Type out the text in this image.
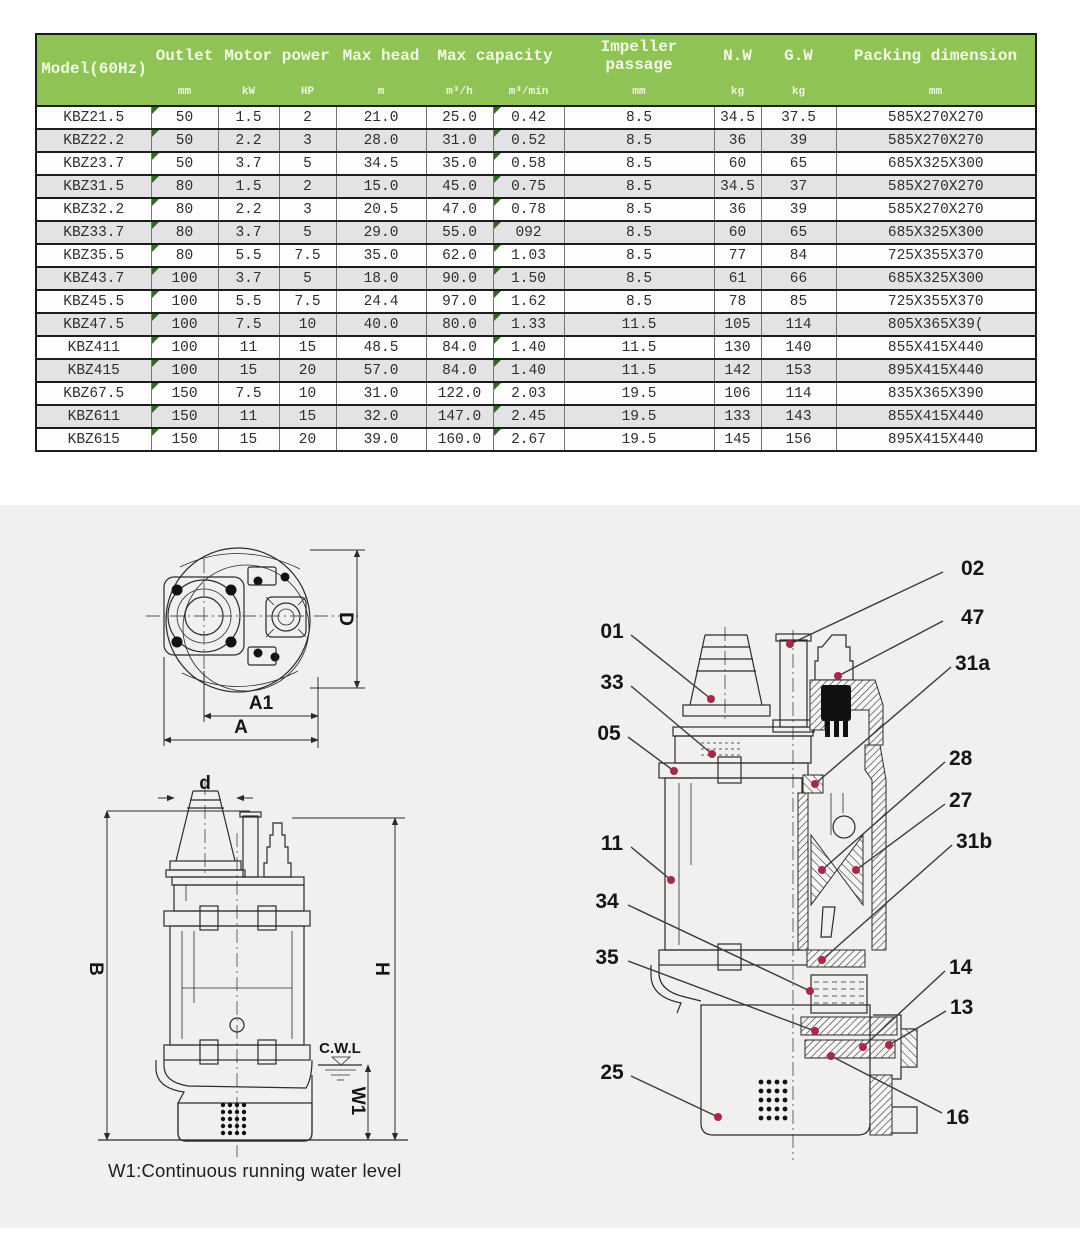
Model(60Hz)	Outlet	Motor power		Max head	Max capacity		Impeller passage	N.W	G.W	Packing dimension
	mm	kW	HP	m	m³/h	m³/min	mm	kg	kg	mm
KBZ21.5	50	1.5	2	21.0	25.0	0.42	8.5	34.5	37.5	585X270X270
KBZ22.2	50	2.2	3	28.0	31.0	0.52	8.5	36	39	585X270X270
KBZ23.7	50	3.7	5	34.5	35.0	0.58	8.5	60	65	685X325X300
KBZ31.5	80	1.5	2	15.0	45.0	0.75	8.5	34.5	37	585X270X270
KBZ32.2	80	2.2	3	20.5	47.0	0.78	8.5	36	39	585X270X270
KBZ33.7	80	3.7	5	29.0	55.0	092	8.5	60	65	685X325X300
KBZ35.5	80	5.5	7.5	35.0	62.0	1.03	8.5	77	84	725X355X370
KBZ43.7	100	3.7	5	18.0	90.0	1.50	8.5	61	66	685X325X300
KBZ45.5	100	5.5	7.5	24.4	97.0	1.62	8.5	78	85	725X355X370
KBZ47.5	100	7.5	10	40.0	80.0	1.33	11.5	105	114	805X365X39(
KBZ411	100	11	15	48.5	84.0	1.40	11.5	130	140	855X415X440
KBZ415	100	15	20	57.0	84.0	1.40	11.5	142	153	895X415X440
KBZ67.5	150	7.5	10	31.0	122.0	2.03	19.5	106	114	835X365X390
KBZ611	150	11	15	32.0	147.0	2.45	19.5	133	143	855X415X440
KBZ615	150	15	20	39.0	160.0	2.67	19.5	145	156	895X415X440
D
A1
A
d
B	H
C.W.L
W1
01
33
05
11
34
35
25
02
47
31a
28
27
31b
14
13
16
W1:Continuous running water level
